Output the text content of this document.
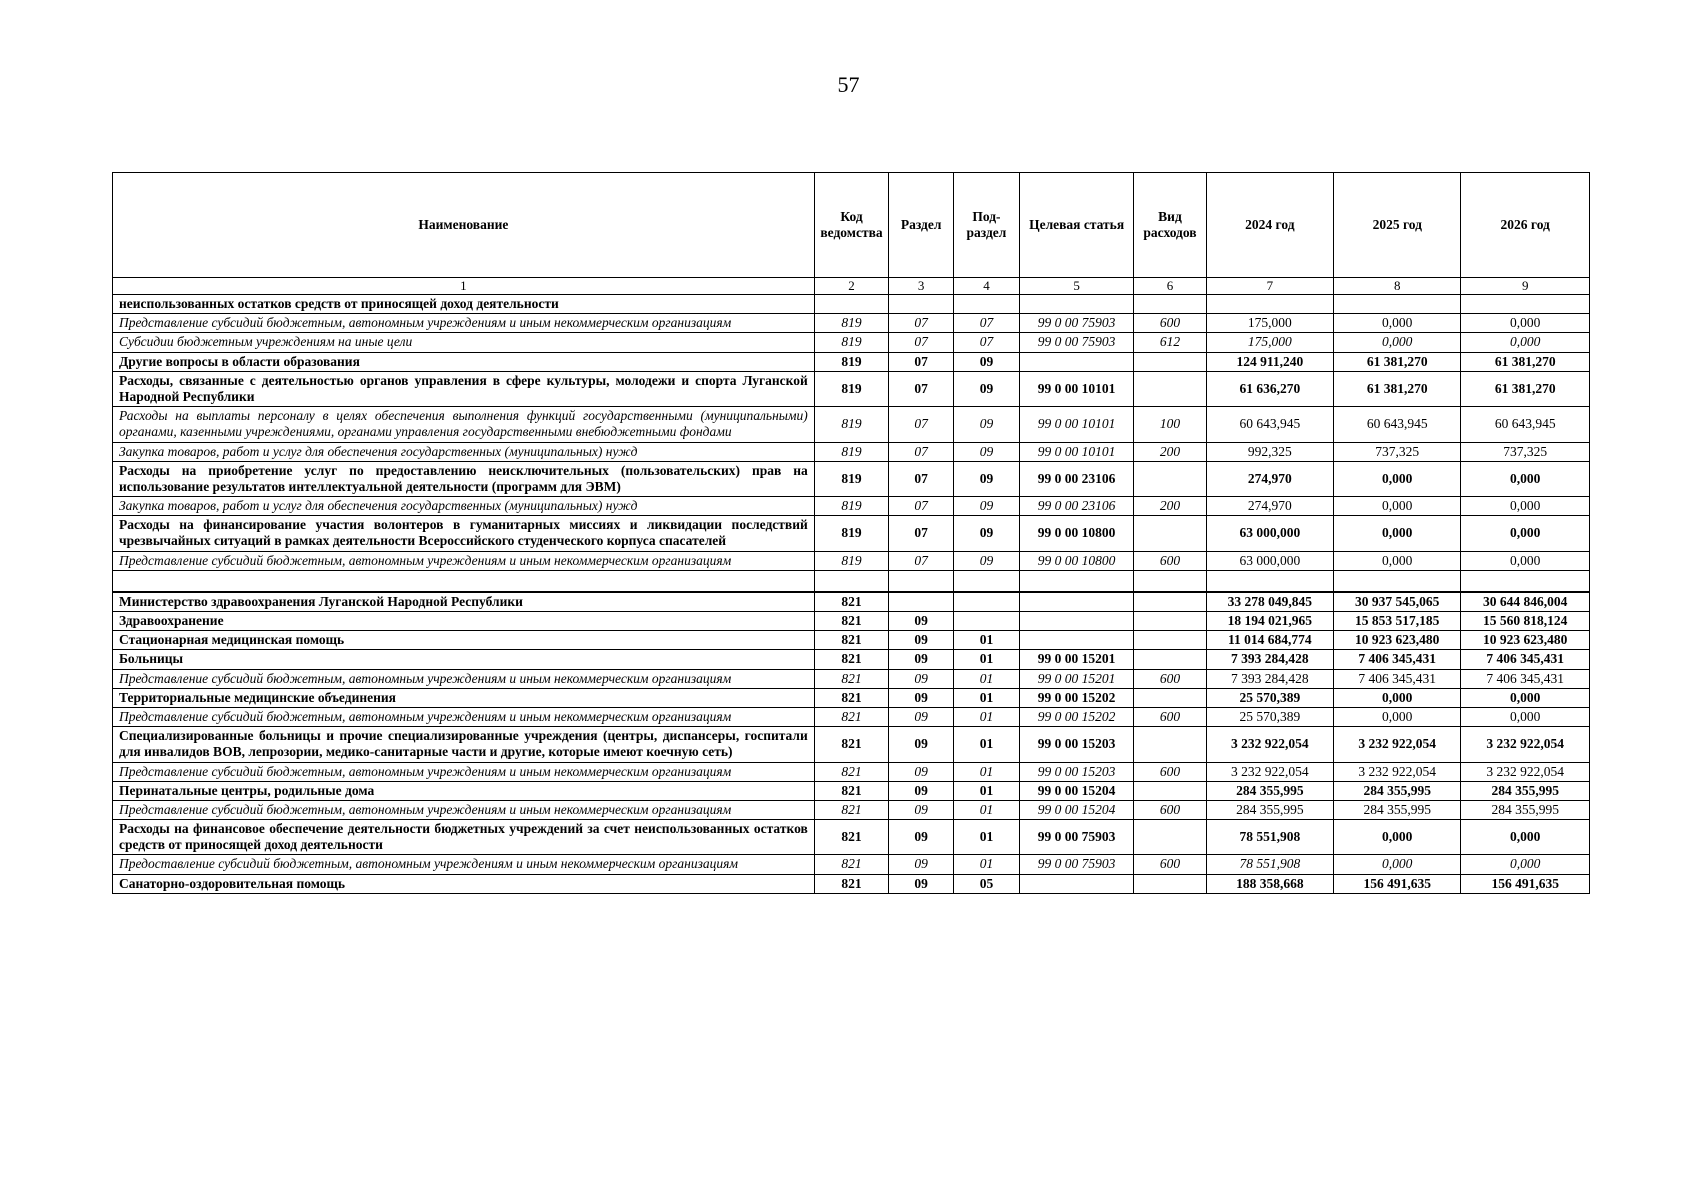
57
Наименование	Код ведомства	Раздел	Под-раздел	Целевая статья	Вид расходов	2024 год	2025 год	2026 год
1	2	3	4	5	6	7	8	9
неиспользованных остатков средств от приносящей доход деятельности								
Представление субсидий бюджетным, автономным учреждениям и иным некоммерческим организациям	819	07	07	99 0 00 75903	600	175,000	0,000	0,000
Субсидии бюджетным учреждениям на иные цели	819	07	07	99 0 00 75903	612	175,000	0,000	0,000
Другие вопросы в области образования	819	07	09			124 911,240	61 381,270	61 381,270
Расходы, связанные с деятельностью органов управления в сфере культуры, молодежи и спорта Луганской Народной Республики	819	07	09	99 0 00 10101		61 636,270	61 381,270	61 381,270
Расходы на выплаты персоналу в целях обеспечения выполнения функций государственными (муниципальными) органами, казенными учреждениями, органами управления государственными внебюджетными фондами	819	07	09	99 0 00 10101	100	60 643,945	60 643,945	60 643,945
Закупка товаров, работ и услуг для обеспечения государственных (муниципальных) нужд	819	07	09	99 0 00 10101	200	992,325	737,325	737,325
Расходы на приобретение услуг по предоставлению неисключительных (пользовательских) прав на использование результатов интеллектуальной деятельности (программ для ЭВМ)	819	07	09	99 0 00 23106		274,970	0,000	0,000
Закупка товаров, работ и услуг для обеспечения государственных (муниципальных) нужд	819	07	09	99 0 00 23106	200	274,970	0,000	0,000
Расходы на финансирование участия волонтеров в гуманитарных миссиях и ликвидации последствий чрезвычайных ситуаций в рамках деятельности Всероссийского студенческого корпуса спасателей	819	07	09	99 0 00 10800		63 000,000	0,000	0,000
Представление субсидий бюджетным, автономным учреждениям и иным некоммерческим организациям	819	07	09	99 0 00 10800	600	63 000,000	0,000	0,000

Министерство здравоохранения Луганской Народной Республики	821					33 278 049,845	30 937 545,065	30 644 846,004
Здравоохранение	821	09				18 194 021,965	15 853 517,185	15 560 818,124
Стационарная медицинская помощь	821	09	01			11 014 684,774	10 923 623,480	10 923 623,480
Больницы	821	09	01	99 0 00 15201		7 393 284,428	7 406 345,431	7 406 345,431
Представление субсидий бюджетным, автономным учреждениям и иным некоммерческим организациям	821	09	01	99 0 00 15201	600	7 393 284,428	7 406 345,431	7 406 345,431
Территориальные медицинские объединения	821	09	01	99 0 00 15202		25 570,389	0,000	0,000
Представление субсидий бюджетным, автономным учреждениям и иным некоммерческим организациям	821	09	01	99 0 00 15202	600	25 570,389	0,000	0,000
Специализированные больницы и прочие специализированные учреждения (центры, диспансеры, госпитали для инвалидов ВОВ, лепрозории, медико-санитарные части и другие, которые имеют коечную сеть)	821	09	01	99 0 00 15203		3 232 922,054	3 232 922,054	3 232 922,054
Представление субсидий бюджетным, автономным учреждениям и иным некоммерческим организациям	821	09	01	99 0 00 15203	600	3 232 922,054	3 232 922,054	3 232 922,054
Перинатальные центры, родильные дома	821	09	01	99 0 00 15204		284 355,995	284 355,995	284 355,995
Представление субсидий бюджетным, автономным учреждениям и иным некоммерческим организациям	821	09	01	99 0 00 15204	600	284 355,995	284 355,995	284 355,995
Расходы на финансовое обеспечение деятельности бюджетных учреждений за счет неиспользованных остатков средств от приносящей доход деятельности	821	09	01	99 0 00 75903		78 551,908	0,000	0,000
Предоставление субсидий бюджетным, автономным учреждениям и иным некоммерческим организациям	821	09	01	99 0 00 75903	600	78 551,908	0,000	0,000
Санаторно-оздоровительная помощь	821	09	05			188 358,668	156 491,635	156 491,635
